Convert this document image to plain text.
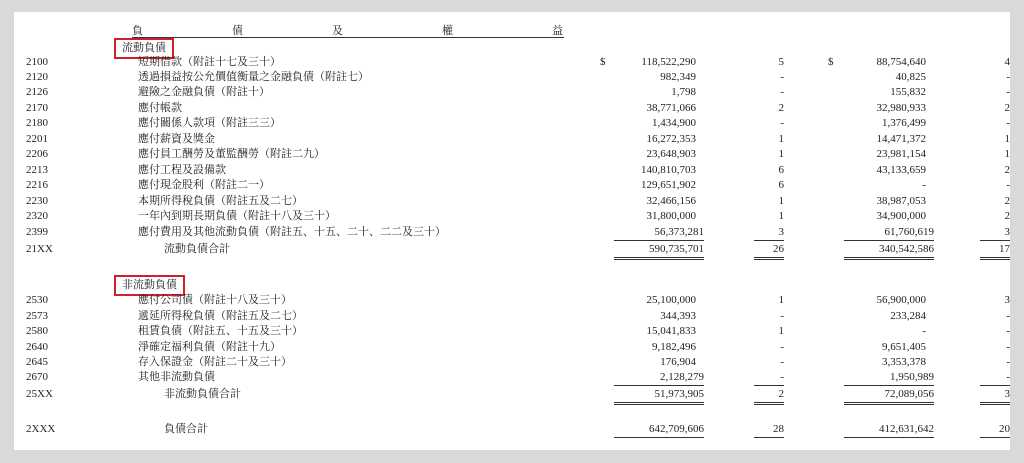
負	債	及	權	益
流動負債
2100	短期借款（附註十七及三十）	$	118,522,290	5	$	88,754,640	4
2120	透過損益按公允價值衡量之金融負債（附註七）	982,349	-	40,825	-
2126	避險之金融負債（附註十）	1,798	-	155,832	-
2170	應付帳款	38,771,066	2	32,980,933	2
2180	應付關係人款項（附註三三）	1,434,900	-	1,376,499	-
2201	應付薪資及獎金	16,272,353	1	14,471,372	1
2206	應付員工酬勞及董監酬勞（附註二九）	23,648,903	1	23,981,154	1
2213	應付工程及設備款	140,810,703	6	43,133,659	2
2216	應付現金股利（附註二一）	129,651,902	6	-	-
2230	本期所得稅負債（附註五及二七）	32,466,156	1	38,987,053	2
2320	一年內到期長期負債（附註十八及三十）	31,800,000	1	34,900,000	2
2399	應付費用及其他流動負債（附註五、十五、二十、二二及三十）	56,373,281	3	61,760,619	3
21XX	流動負債合計	590,735,701	26	340,542,586	17
非流動負債
2530	應付公司債（附註十八及三十）	25,100,000	1	56,900,000	3
2573	遞延所得稅負債（附註五及二七）	344,393	-	233,284	-
2580	租賃負債（附註五、十五及三十）	15,041,833	1	-	-
2640	淨確定福利負債（附註十九）	9,182,496	-	9,651,405	-
2645	存入保證金（附註二十及三十）	176,904	-	3,353,378	-
2670	其他非流動負債	2,128,279	-	1,950,989	-
25XX	非流動負債合計	51,973,905	2	72,089,056	3
2XXX	負債合計	642,709,606	28	412,631,642	20
